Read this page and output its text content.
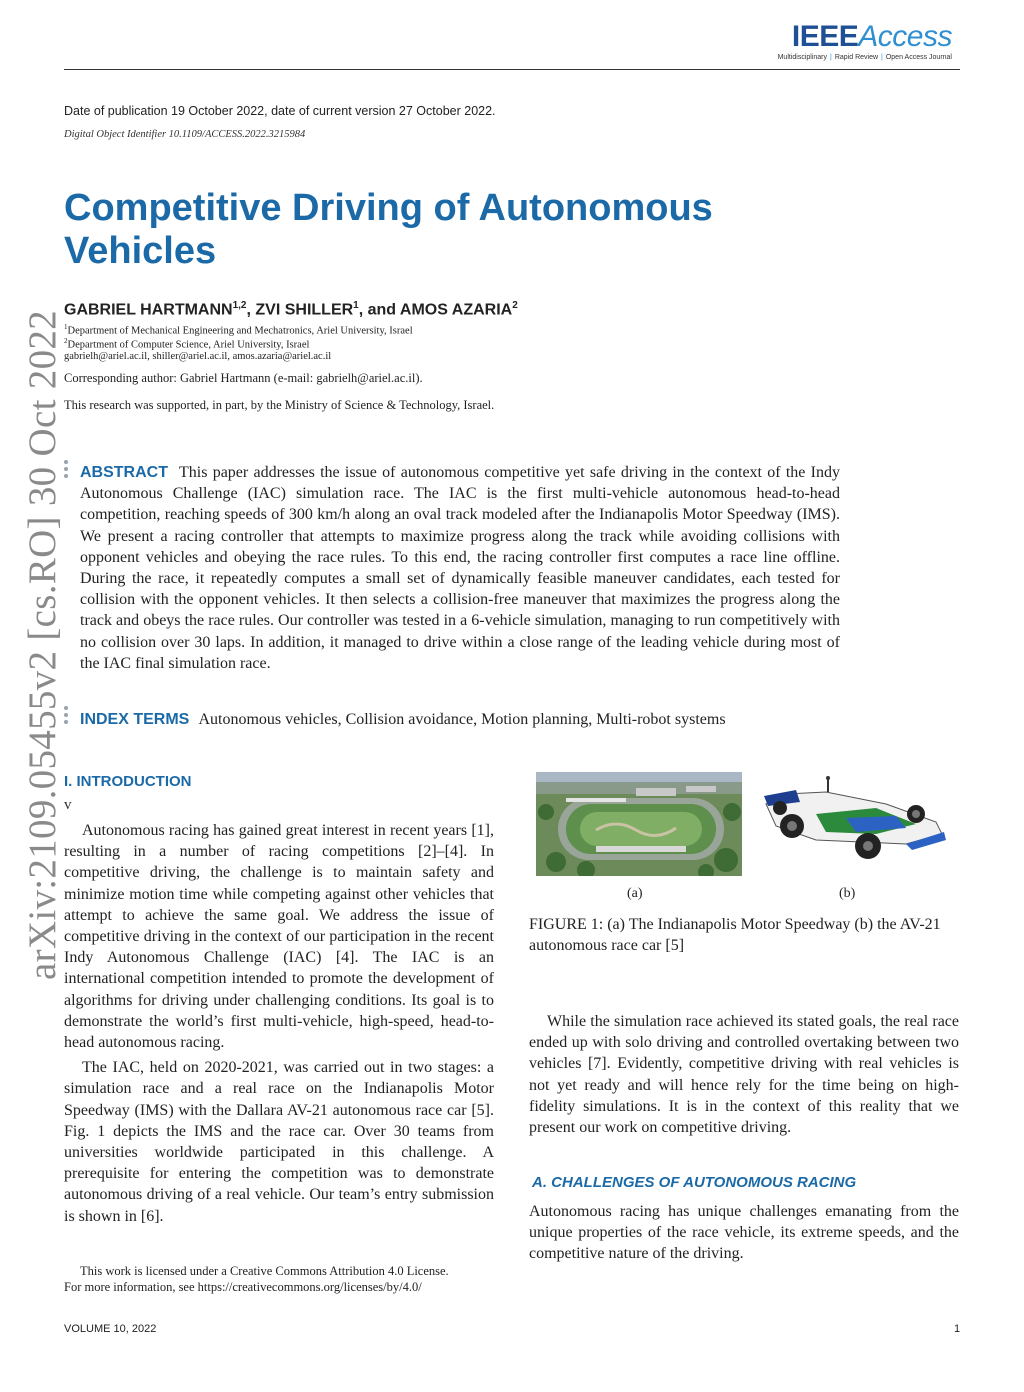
IEEEAccess
Multidisciplinary | Rapid Review | Open Access Journal
Date of publication 19 October 2022, date of current version 27 October 2022.
Digital Object Identifier 10.1109/ACCESS.2022.3215984
arXiv:2109.05455v2 [cs.RO] 30 Oct 2022
Competitive Driving of Autonomous Vehicles
GABRIEL HARTMANN$^{1,2}$, ZVI SHILLER$^1$, and AMOS AZARIA$^2$
$^1$Department of Mechanical Engineering and Mechatronics, Ariel University, Israel
$^2$Department of Computer Science, Ariel University, Israel
gabrielh@ariel.ac.il, shiller@ariel.ac.il, amos.azaria@ariel.ac.il
Corresponding author: Gabriel Hartmann (e-mail: gabrielh@ariel.ac.il).
This research was supported, in part, by the Ministry of Science & Technology, Israel.
ABSTRACT This paper addresses the issue of autonomous competitive yet safe driving in the context of the Indy Autonomous Challenge (IAC) simulation race. The IAC is the first multi-vehicle autonomous head-to-head competition, reaching speeds of 300 km/h along an oval track modeled after the Indianapolis Motor Speedway (IMS). We present a racing controller that attempts to maximize progress along the track while avoiding collisions with opponent vehicles and obeying the race rules. To this end, the racing controller first computes a race line offline. During the race, it repeatedly computes a small set of dynamically feasible maneuver candidates, each tested for collision with the opponent vehicles. It then selects a collision-free maneuver that maximizes the progress along the track and obeys the race rules. Our controller was tested in a 6-vehicle simulation, managing to run competitively with no collision over 30 laps. In addition, it managed to drive within a close range of the leading vehicle during most of the IAC final simulation race.
INDEX TERMS Autonomous vehicles, Collision avoidance, Motion planning, Multi-robot systems
I. INTRODUCTION
v

Autonomous racing has gained great interest in recent years [1], resulting in a number of racing competitions [2]–[4]. In competitive driving, the challenge is to maintain safety and minimize motion time while competing against other vehicles that attempt to achieve the same goal. We address the issue of competitive driving in the context of our participation in the recent Indy Autonomous Challenge (IAC) [4]. The IAC is an international competition intended to promote the development of algorithms for driving under challenging conditions. Its goal is to demonstrate the world’s first multi-vehicle, high-speed, head-to-head autonomous racing.

The IAC, held on 2020-2021, was carried out in two stages: a simulation race and a real race on the Indianapolis Motor Speedway (IMS) with the Dallara AV-21 autonomous race car [5]. Fig. 1 depicts the IMS and the race car. Over 30 teams from universities worldwide participated in this challenge. A prerequisite for entering the competition was to demonstrate autonomous driving of a real vehicle. Our team’s entry submission is shown in [6].

(a)	(b)
FIGURE 1: (a) The Indianapolis Motor Speedway (b) the AV-21 autonomous race car [5]

While the simulation race achieved its stated goals, the real race ended up with solo driving and controlled overtaking between two vehicles [7]. Evidently, competitive driving with real vehicles is not yet ready and will hence rely for the time being on high-fidelity simulations. It is in the context of this reality that we present our work on competitive driving.

A. CHALLENGES OF AUTONOMOUS RACING

Autonomous racing has unique challenges emanating from the unique properties of the race vehicle, its extreme speeds, and the competitive nature of the driving.

This work is licensed under a Creative Commons Attribution 4.0 License.
For more information, see https://creativecommons.org/licenses/by/4.0/
VOLUME 10, 2022	1
